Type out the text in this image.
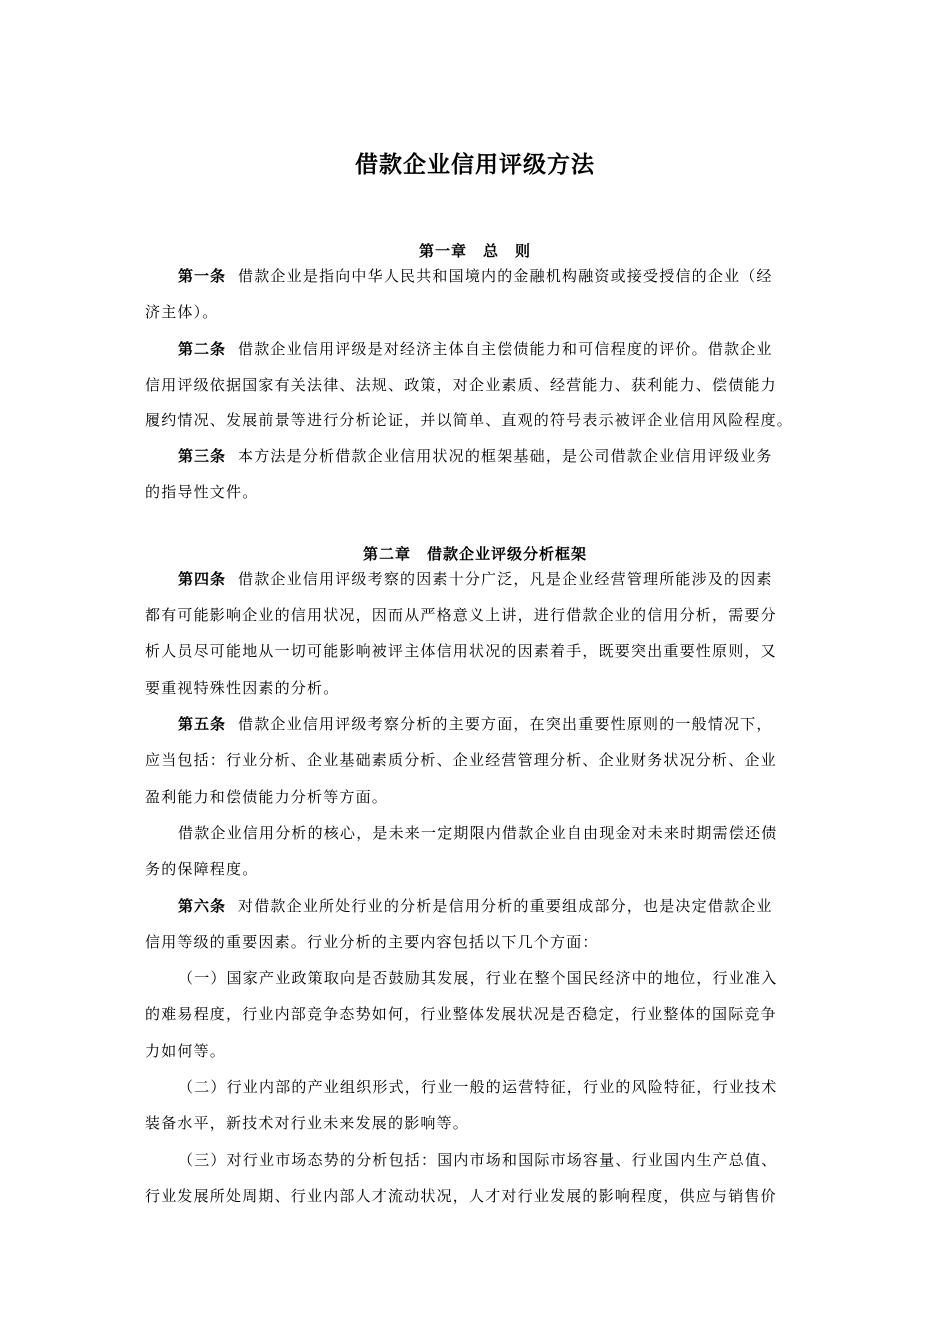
借款企业信用评级方法
第一章　总　则
第一条 借款企业是指向中华人民共和国境内的金融机构融资或接受授信的企业（经
济主体）。
第二条 借款企业信用评级是对经济主体自主偿债能力和可信程度的评价。借款企业
信用评级依据国家有关法律、法规、政策，对企业素质、经营能力、获利能力、偿债能力
履约情况、发展前景等进行分析论证，并以简单、直观的符号表示被评企业信用风险程度。
第三条 本方法是分析借款企业信用状况的框架基础，是公司借款企业信用评级业务
的指导性文件。
第二章　借款企业评级分析框架
第四条 借款企业信用评级考察的因素十分广泛，凡是企业经营管理所能涉及的因素
都有可能影响企业的信用状况，因而从严格意义上讲，进行借款企业的信用分析，需要分
析人员尽可能地从一切可能影响被评主体信用状况的因素着手，既要突出重要性原则，又
要重视特殊性因素的分析。
第五条 借款企业信用评级考察分析的主要方面，在突出重要性原则的一般情况下，
应当包括：行业分析、企业基础素质分析、企业经营管理分析、企业财务状况分析、企业
盈利能力和偿债能力分析等方面。
借款企业信用分析的核心，是未来一定期限内借款企业自由现金对未来时期需偿还债
务的保障程度。
第六条 对借款企业所处行业的分析是信用分析的重要组成部分，也是决定借款企业
信用等级的重要因素。行业分析的主要内容包括以下几个方面：
（一）国家产业政策取向是否鼓励其发展，行业在整个国民经济中的地位，行业准入
的难易程度，行业内部竞争态势如何，行业整体发展状况是否稳定，行业整体的国际竞争
力如何等。
（二）行业内部的产业组织形式，行业一般的运营特征，行业的风险特征，行业技术
装备水平，新技术对行业未来发展的影响等。
（三）对行业市场态势的分析包括：国内市场和国际市场容量、行业国内生产总值、
行业发展所处周期、行业内部人才流动状况，人才对行业发展的影响程度，供应与销售价
